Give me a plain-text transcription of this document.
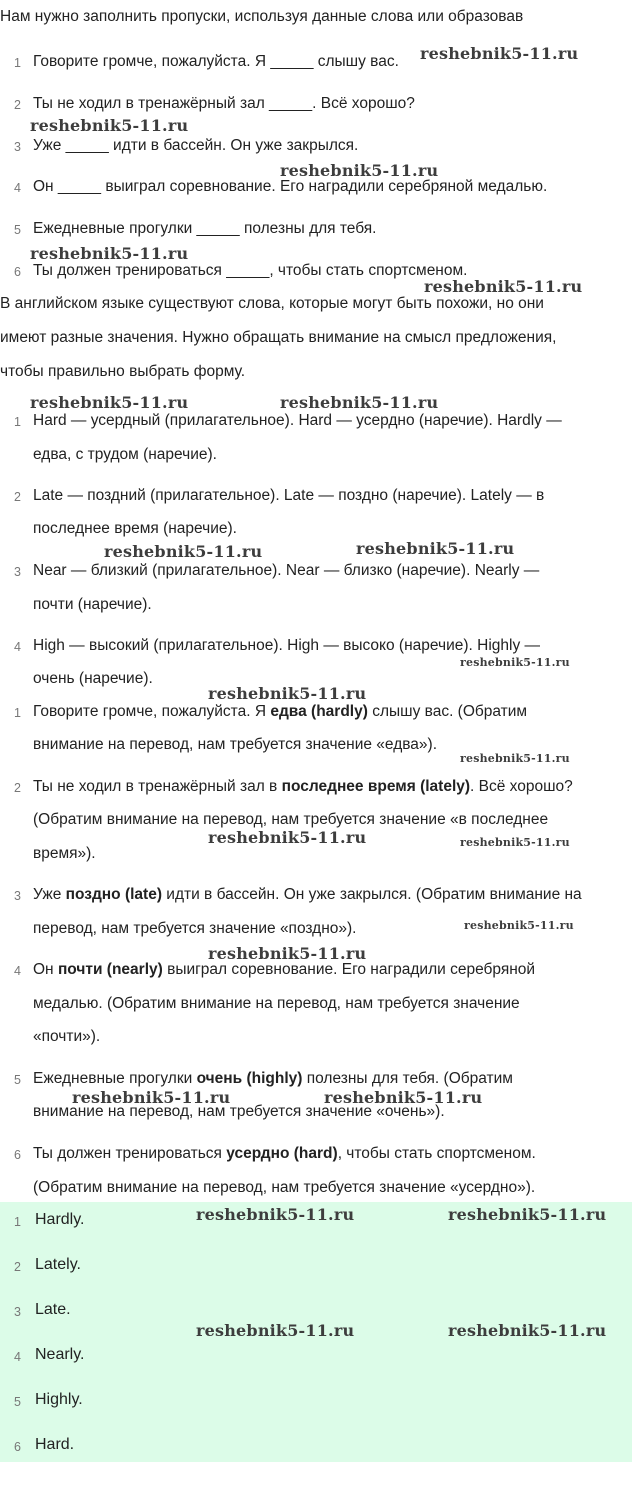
Нам нужно заполнить пропуски, используя данные слова или образовав
1 Говорите громче, пожалуйста. Я _____ слышу вас.
2 Ты не ходил в тренажёрный зал _____. Всё хорошо?
3 Уже _____ идти в бассейн. Он уже закрылся.
4 Он _____ выиграл соревнование. Его наградили серебряной медалью.
5 Ежедневные прогулки _____ полезны для тебя.
6 Ты должен тренироваться _____, чтобы стать спортсменом.
В английском языке существуют слова, которые могут быть похожи, но они
имеют разные значения. Нужно обращать внимание на смысл предложения,
чтобы правильно выбрать форму.
1 Hard — усердный (прилагательное). Hard — усердно (наречие). Hardly —
едва, с трудом (наречие).
2 Late — поздний (прилагательное). Late — поздно (наречие). Lately — в
последнее время (наречие).
3 Near — близкий (прилагательное). Near — близко (наречие). Nearly —
почти (наречие).
4 High — высокий (прилагательное). High — высоко (наречие). Highly —
очень (наречие).
1 Говорите громче, пожалуйста. Я едва (hardly) слышу вас. (Обратим
внимание на перевод, нам требуется значение «едва»).
2 Ты не ходил в тренажёрный зал в последнее время (lately). Всё хорошо?
(Обратим внимание на перевод, нам требуется значение «в последнее
время»).
3 Уже поздно (late) идти в бассейн. Он уже закрылся. (Обратим внимание на
перевод, нам требуется значение «поздно»).
4 Он почти (nearly) выиграл соревнование. Его наградили серебряной
медалью. (Обратим внимание на перевод, нам требуется значение
«почти»).
5 Ежедневные прогулки очень (highly) полезны для тебя. (Обратим
внимание на перевод, нам требуется значение «очень»).
6 Ты должен тренироваться усердно (hard), чтобы стать спортсменом.
(Обратим внимание на перевод, нам требуется значение «усердно»).
1 Hardly.
2 Lately.
3 Late.
4 Nearly.
5 Highly.
6 Hard.
reshebnik5-11.ru
reshebnik5-11.ru
reshebnik5-11.ru
reshebnik5-11.ru
reshebnik5-11.ru
reshebnik5-11.ru	reshebnik5-11.ru
reshebnik5-11.ru	reshebnik5-11.ru
reshebnik5-11.ru
reshebnik5-11.ru
reshebnik5-11.ru
reshebnik5-11.ru	reshebnik5-11.ru
reshebnik5-11.ru
reshebnik5-11.ru
reshebnik5-11.ru	reshebnik5-11.ru
reshebnik5-11.ru	reshebnik5-11.ru
reshebnik5-11.ru	reshebnik5-11.ru
